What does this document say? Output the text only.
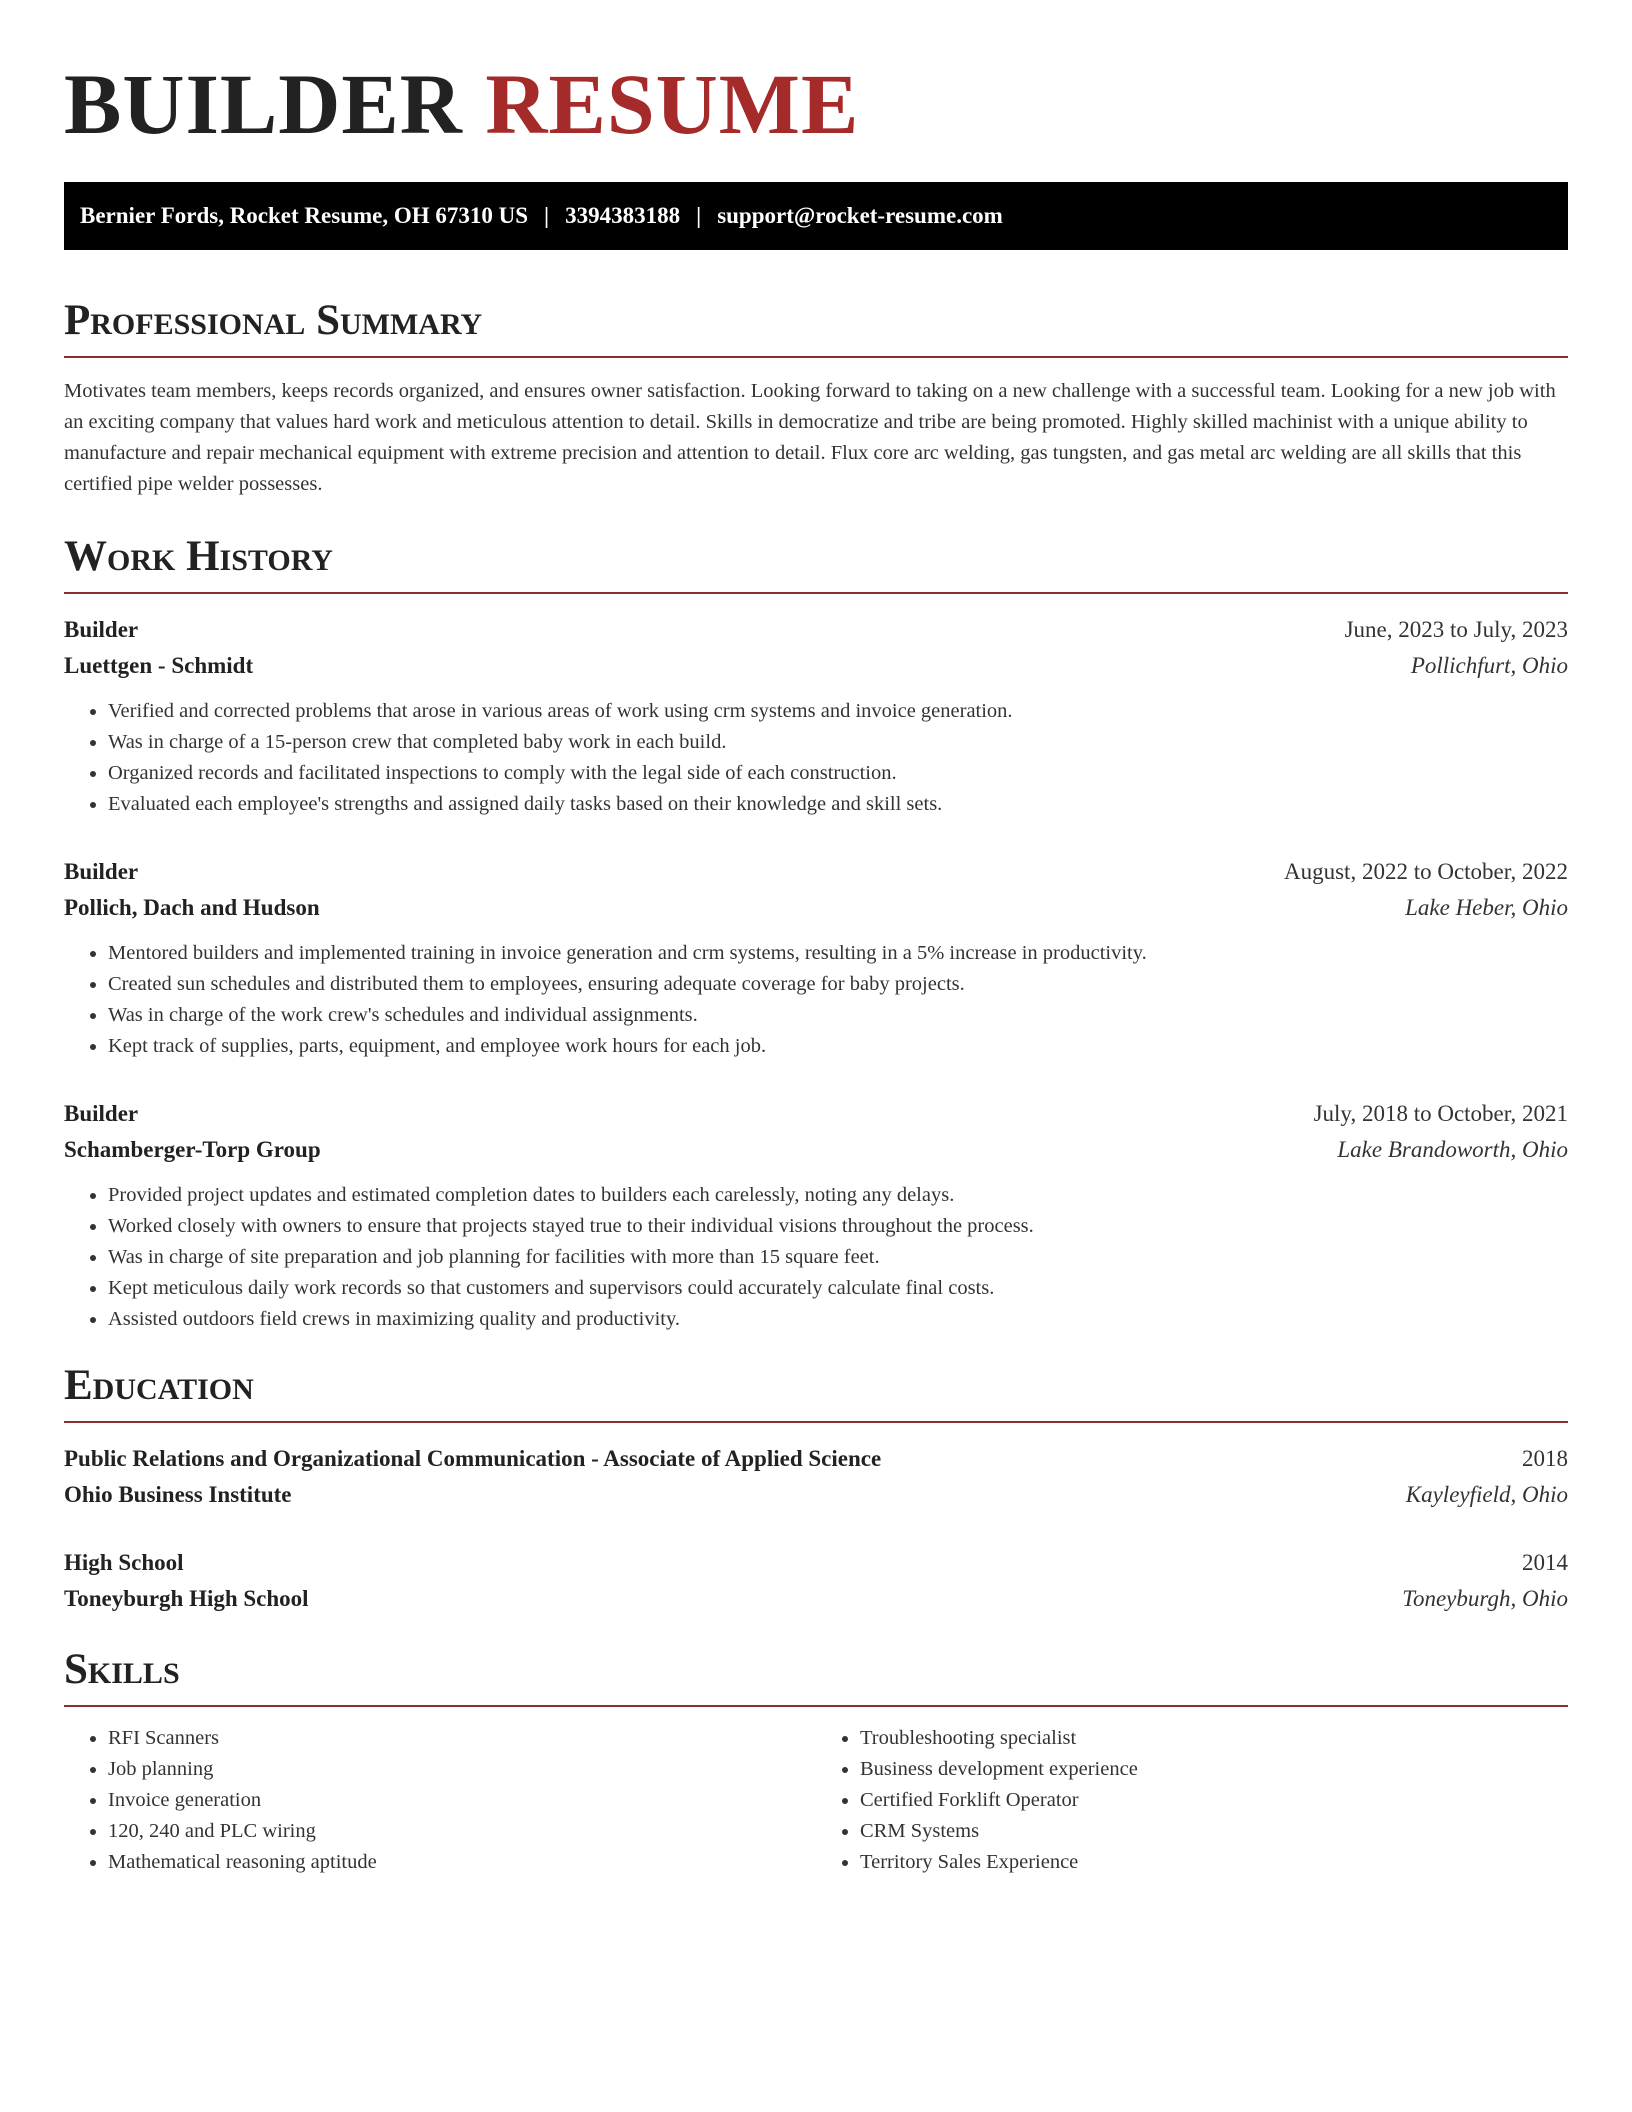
BUILDER RESUME
Bernier Fords, Rocket Resume, OH 67310 US | 3394383188 | support@rocket-resume.com
Professional Summary

Motivates team members, keeps records organized, and ensures owner satisfaction. Looking forward to taking on a new challenge with a successful team. Looking for a new job with an exciting company that values hard work and meticulous attention to detail. Skills in democratize and tribe are being promoted. Highly skilled machinist with a unique ability to manufacture and repair mechanical equipment with extreme precision and attention to detail. Flux core arc welding, gas tungsten, and gas metal arc welding are all skills that this certified pipe welder possesses.

Work History
Builder	June, 2023 to July, 2023
Luettgen - Schmidt	Pollichfurt, Ohio
• Verified and corrected problems that arose in various areas of work using crm systems and invoice generation.
• Was in charge of a 15-person crew that completed baby work in each build.
• Organized records and facilitated inspections to comply with the legal side of each construction.
• Evaluated each employee's strengths and assigned daily tasks based on their knowledge and skill sets.
Builder	August, 2022 to October, 2022
Pollich, Dach and Hudson	Lake Heber, Ohio
• Mentored builders and implemented training in invoice generation and crm systems, resulting in a 5% increase in productivity.
• Created sun schedules and distributed them to employees, ensuring adequate coverage for baby projects.
• Was in charge of the work crew's schedules and individual assignments.
• Kept track of supplies, parts, equipment, and employee work hours for each job.
Builder	July, 2018 to October, 2021
Schamberger-Torp Group	Lake Brandoworth, Ohio
• Provided project updates and estimated completion dates to builders each carelessly, noting any delays.
• Worked closely with owners to ensure that projects stayed true to their individual visions throughout the process.
• Was in charge of site preparation and job planning for facilities with more than 15 square feet.
• Kept meticulous daily work records so that customers and supervisors could accurately calculate final costs.
• Assisted outdoors field crews in maximizing quality and productivity.
Education
Public Relations and Organizational Communication - Associate of Applied Science	2018
Ohio Business Institute	Kayleyfield, Ohio
High School	2014
Toneyburgh High School	Toneyburgh, Ohio
Skills
• RFI Scanners
• Job planning
• Invoice generation
• 120, 240 and PLC wiring
• Mathematical reasoning aptitude
• Troubleshooting specialist
• Business development experience
• Certified Forklift Operator
• CRM Systems
• Territory Sales Experience
